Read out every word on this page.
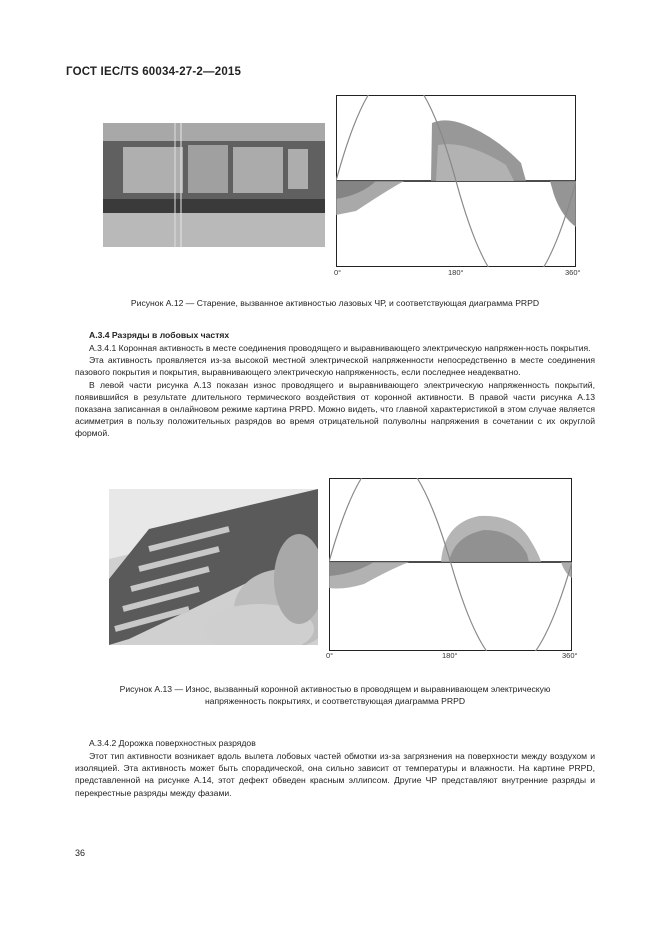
ГОСТ IEC/TS 60034-27-2—2015
0°	180°	360°
Рисунок А.12 — Старение, вызванное активностью лазовых ЧР, и соответствующая диаграмма PRPD
А.3.4 Разряды в лобовых частях

А.3.4.1 Коронная активность в месте соединения проводящего и выравнивающего электрическую напряжен-ность покрытия.

Эта активность проявляется из-за высокой местной электрической напряженности непосредственно в месте соединения пазового покрытия и покрытия, выравнивающего электрическую напряженность, если последнее неадекватно.

В левой части рисунка А.13 показан износ проводящего и выравнивающего электрическую напряженность покрытий, появившийся в результате длительного термического воздействия от коронной активности. В правой части рисунка А.13 показана записанная в онлайновом режиме картина PRPD. Можно видеть, что главной характеристикой в этом случае является асимметрия в пользу положительных разрядов во время отрицательной полуволны напряжения в сочетании с их округлой формой.

0°	180°	360°
Рисунок А.13 — Износ, вызванный коронной активностью в проводящем и выравнивающем электрическую
напряженность покрытиях, и соответствующая диаграмма PRPD
А.3.4.2 Дорожка поверхностных разрядов

Этот тип активности возникает вдоль вылета лобовых частей обмотки из-за загрязнения на поверхности между воздухом и изоляцией. Эта активность может быть спорадической, она сильно зависит от температуры и влажности. На картине PRPD, представленной на рисунке А.14, этот дефект обведен красным эллипсом. Другие ЧР представляют внутренние разряды и перекрестные разряды между фазами.

36
